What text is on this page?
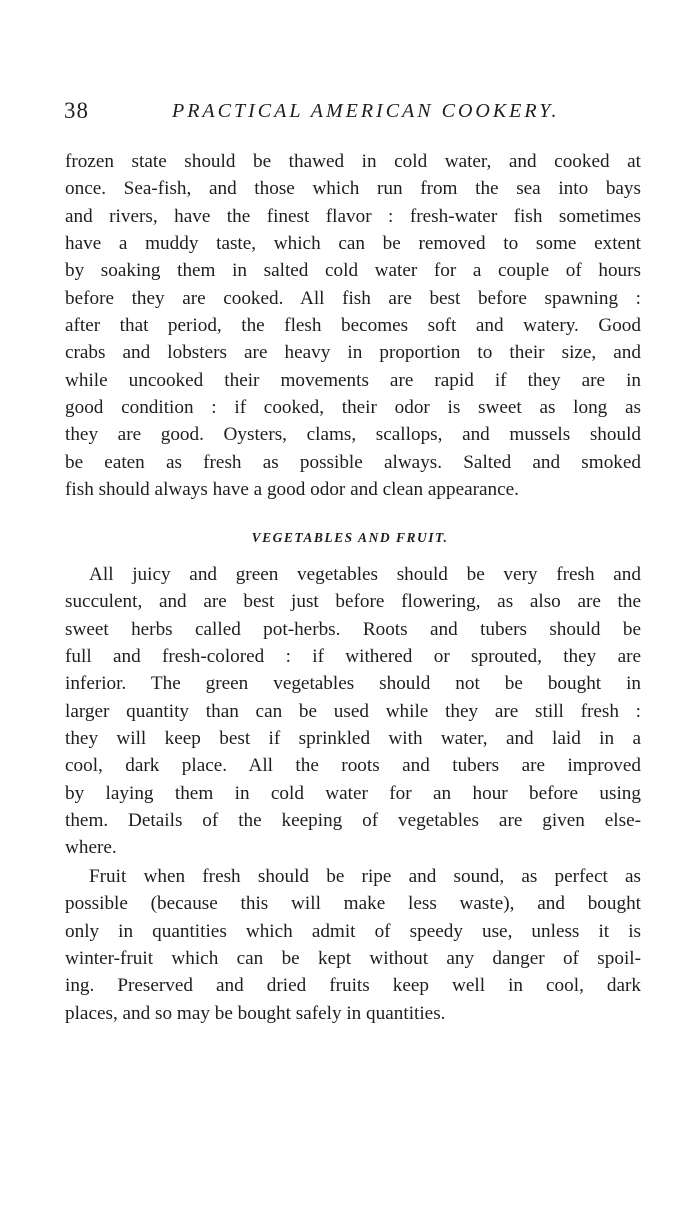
38	PRACTICAL AMERICAN COOKERY.
frozen state should be thawed in cold water, and cooked at
once. Sea-fish, and those which run from the sea into bays
and rivers, have the finest flavor : fresh-water fish sometimes
have a muddy taste, which can be removed to some extent
by soaking them in salted cold water for a couple of hours
before they are cooked. All fish are best before spawning :
after that period, the flesh becomes soft and watery. Good
crabs and lobsters are heavy in proportion to their size, and
while uncooked their movements are rapid if they are in
good condition : if cooked, their odor is sweet as long as
they are good. Oysters, clams, scallops, and mussels should
be eaten as fresh as possible always. Salted and smoked
fish should always have a good odor and clean appearance.
VEGETABLES AND FRUIT.
All juicy and green vegetables should be very fresh and
succulent, and are best just before flowering, as also are the
sweet herbs called pot-herbs. Roots and tubers should be
full and fresh-colored : if withered or sprouted, they are
inferior. The green vegetables should not be bought in
larger quantity than can be used while they are still fresh :
they will keep best if sprinkled with water, and laid in a
cool, dark place. All the roots and tubers are improved
by laying them in cold water for an hour before using
them. Details of the keeping of vegetables are given else-
where.
Fruit when fresh should be ripe and sound, as perfect as
possible (because this will make less waste), and bought
only in quantities which admit of speedy use, unless it is
winter-fruit which can be kept without any danger of spoil-
ing. Preserved and dried fruits keep well in cool, dark
places, and so may be bought safely in quantities.
